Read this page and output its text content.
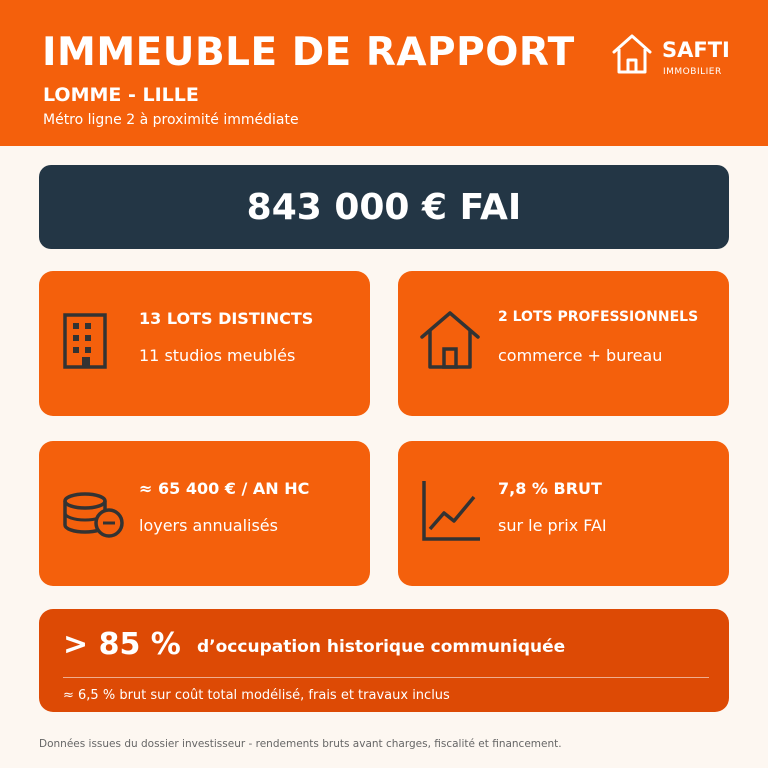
IMMEUBLE DE RAPPORT
LOMME - LILLE
Métro ligne 2 à proximité immédiate
SAFTI
IMMOBILIER
843 000 € FAI
13 LOTS DISTINCTS
11 studios meublés
2 LOTS PROFESSIONNELS
commerce + bureau
≈ 65 400 € / AN HC
loyers annualisés
7,8 % BRUT
sur le prix FAI
> 85 % d’occupation historique communiquée
≈ 6,5 % brut sur coût total modélisé, frais et travaux inclus
Données issues du dossier investisseur - rendements bruts avant charges, fiscalité et financement.
